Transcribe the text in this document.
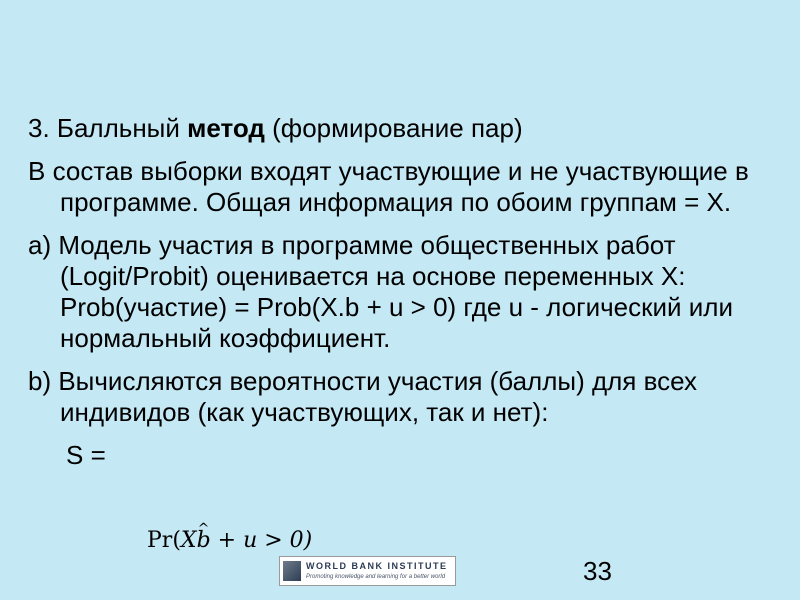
3. Балльный метод (формирование пар)

В состав выборки входят участвующие и не участвующие в программе. Общая информация по обоим группам = X.

a) Модель участия в программе общественных работ (Logit/Probit) оценивается на основе переменных X: Prob(участие) = Prob(X.b + u > 0) где u - логический или нормальный коэффициент.

b) Вычисляются вероятности участия (баллы) для всех индивидов (как участвующих, так и нет):

S =

Pr(X^ b + u > 0)
WORLD BANK INSTITUTE
Promoting knowledge and learning for a better world	33
